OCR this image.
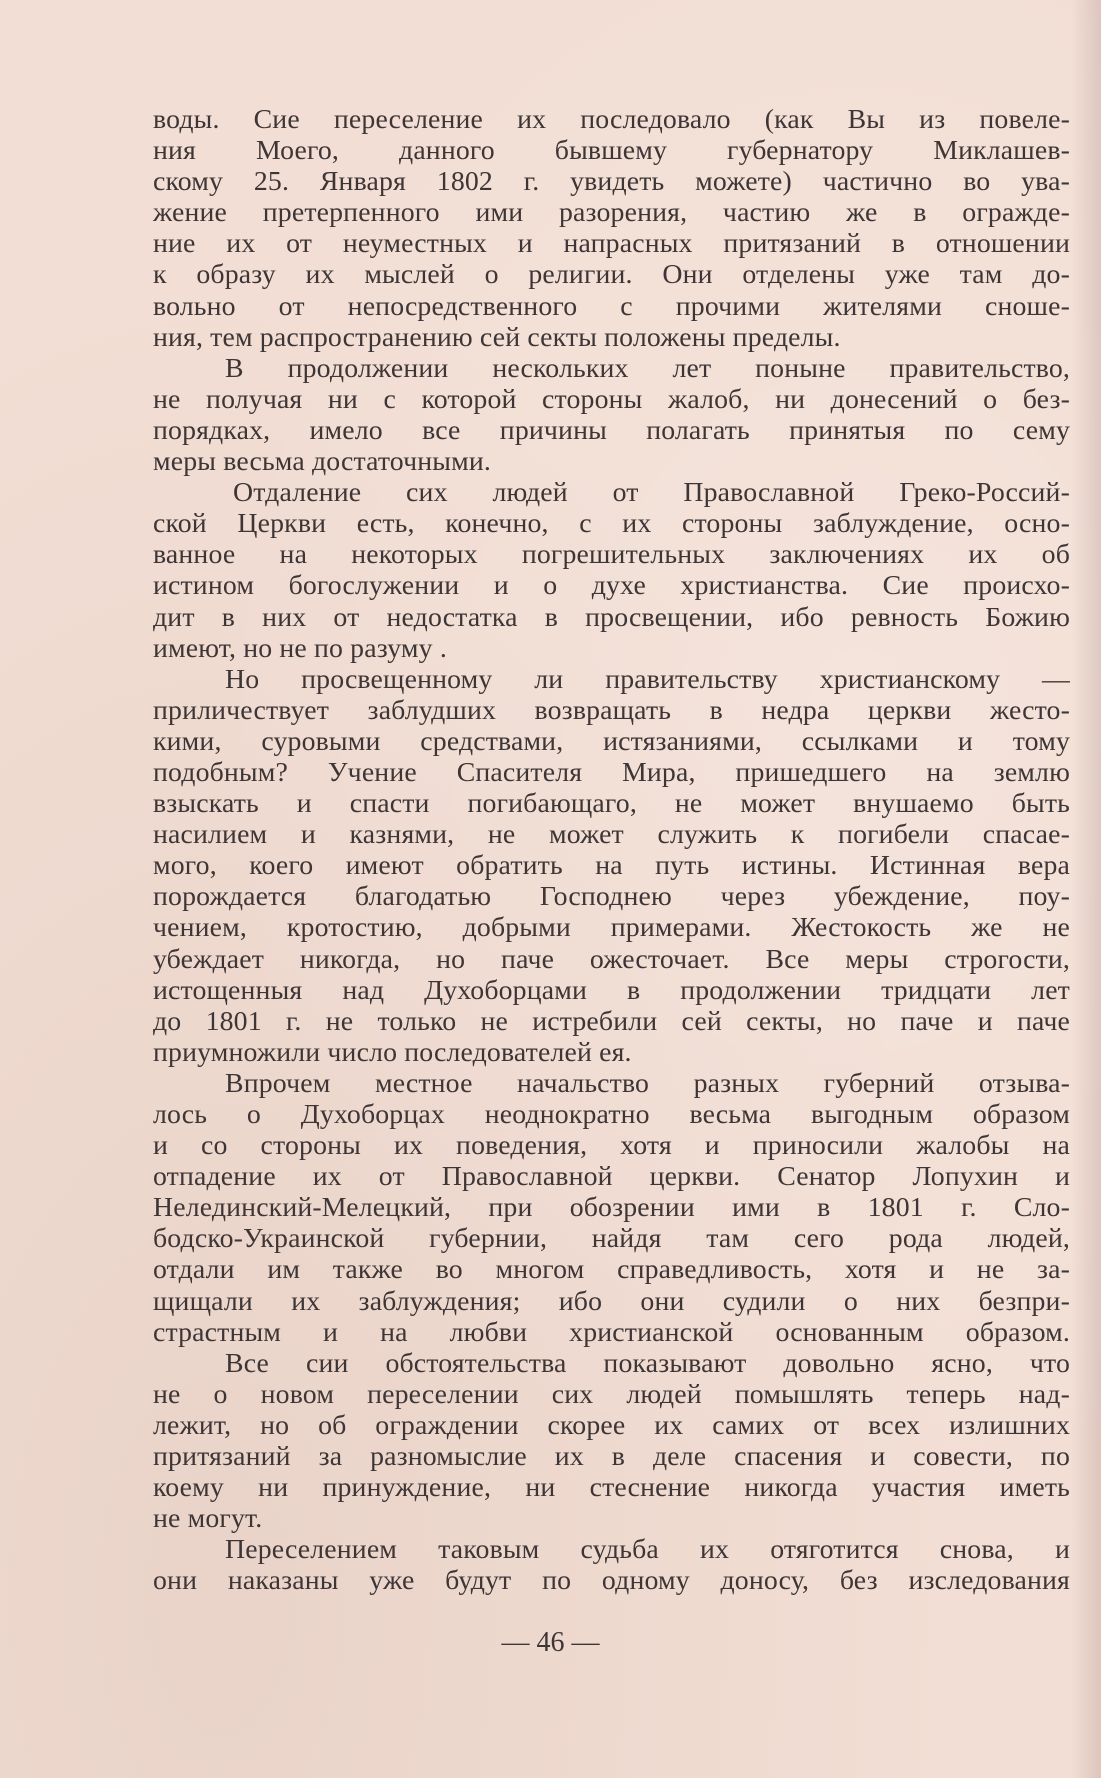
воды. Сие переселение их последовало (как Вы из повеле-
ния Моего, данного бывшему губернатору Миклашев-
скому 25. Января 1802 г. увидеть можете) частично во ува-
жение претерпенного ими разорения, частию же в огражде-
ние их от неуместных и напрасных притязаний в отношении
к образу их мыслей о религии. Они отделены уже там до-
вольно от непосредственного с прочими жителями сноше-
ния, тем распространению сей секты положены пределы.
В продолжении нескольких лет поныне правительство,
не получая ни с которой стороны жалоб, ни донесений о без-
порядках, имело все причины полагать принятыя по сему
меры весьма достаточными.
Отдаление сих людей от Православной Греко-Россий-
ской Церкви есть, конечно, с их стороны заблуждение, осно-
ванное на некоторых погрешительных заключениях их об
истином богослужении и о духе христианства. Сие происхо-
дит в них от недостатка в просвещении, ибо ревность Божию
имеют, но не по разуму .
Но просвещенному ли правительству христианскому —
приличествует заблудших возвращать в недра церкви жесто-
кими, суровыми средствами, истязаниями, ссылками и тому
подобным? Учение Спасителя Мира, пришедшего на землю
взыскать и спасти погибающаго, не может внушаемо быть
насилием и казнями, не может служить к погибели спасае-
мого, коего имеют обратить на путь истины. Истинная вера
порождается благодатью Господнею через убеждение, поу-
чением, кротостию, добрыми примерами. Жестокость же не
убеждает никогда, но паче ожесточает. Все меры строгости,
истощенныя над Духоборцами в продолжении тридцати лет
до 1801 г. не только не истребили сей секты, но паче и паче
приумножили число последователей ея.
Впрочем местное начальство разных губерний отзыва-
лось о Духоборцах неоднократно весьма выгодным образом
и со стороны их поведения, хотя и приносили жалобы на
отпадение их от Православной церкви. Сенатор Лопухин и
Нелединский-Мелецкий, при обозрении ими в 1801 г. Сло-
бодско-Украинской губернии, найдя там сего рода людей,
отдали им также во многом справедливость, хотя и не за-
щищали их заблуждения; ибо они судили о них безпри-
страстным и на любви христианской основанным образом.
Все сии обстоятельства показывают довольно ясно, что
не о новом переселении сих людей помышлять теперь над-
лежит, но об ограждении скорее их самих от всех излишних
притязаний за разномыслие их в деле спасения и совести, по
коему ни принуждение, ни стеснение никогда участия иметь
не могут.
Переселением таковым судьба их отяготится снова, и
они наказаны уже будут по одному доносу, без изследования
— 46 —
